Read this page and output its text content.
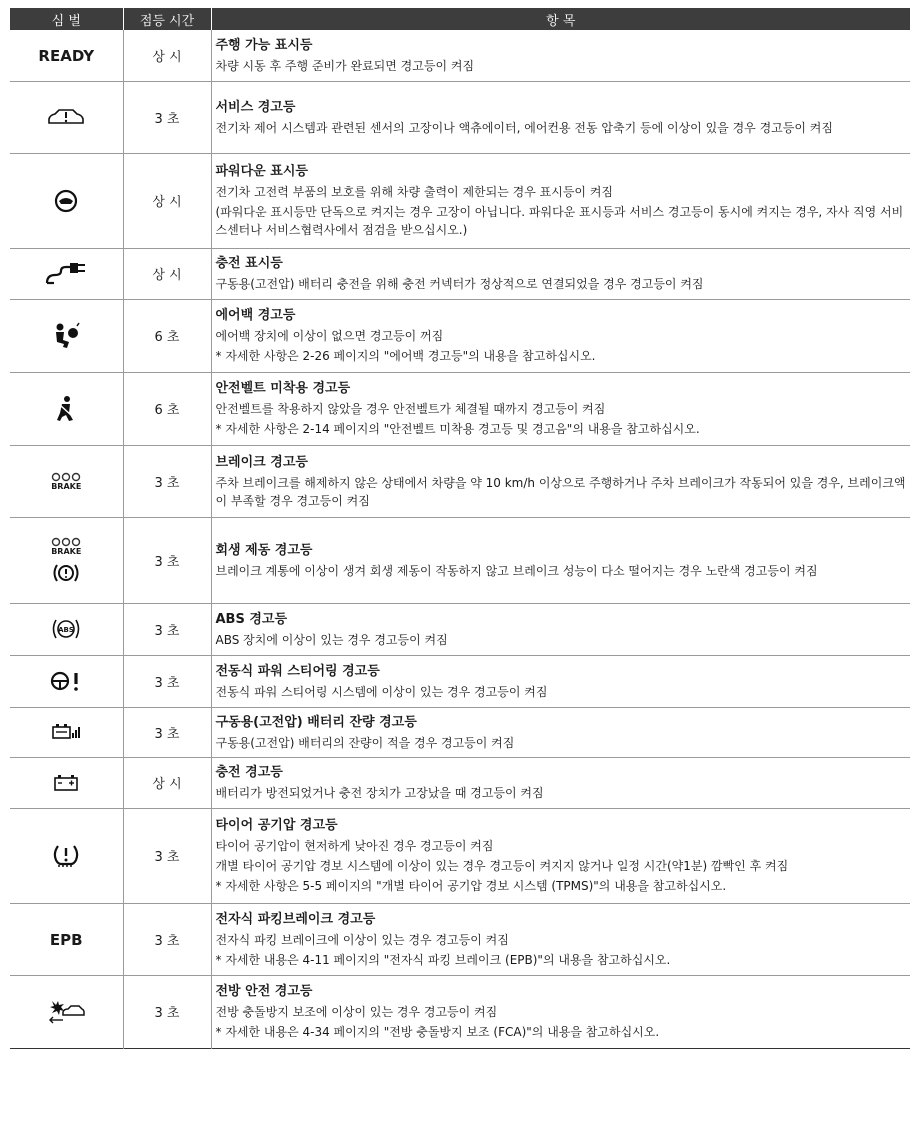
심 벌	점등 시간	항 목
READY	상 시	주행 가능 표시등
차량 시동 후 주행 준비가 완료되면 경고등이 켜짐

	3 초	서비스 경고등
전기차 제어 시스템과 관련된 센서의 고장이나 액츄에이터, 에어컨용 전동 압축기 등에 이상이 있을 경우 경고등이 켜짐

	상 시	파워다운 표시등
전기차 고전력 부품의 보호를 위해 차량 출력이 제한되는 경우 표시등이 켜짐
(파워다운 표시등만 단독으로 켜지는 경우 고장이 아닙니다. 파워다운 표시등과 서비스 경고등이 동시에 켜지는 경우, 자사 직영 서비스센터나 서비스협력사에서 점검을 받으십시오.)

	상 시	충전 표시등
구동용(고전압) 배터리 충전을 위해 충전 커넥터가 정상적으로 연결되었을 경우 경고등이 켜짐

	6 초	에어백 경고등
에어백 장치에 이상이 없으면 경고등이 꺼짐
* 자세한 사항은 2-26 페이지의 "에어백 경고등"의 내용을 참고하십시오.

	6 초	안전벨트 미착용 경고등
안전벨트를 착용하지 않았을 경우 안전벨트가 체결될 때까지 경고등이 켜짐
* 자세한 사항은 2-14 페이지의 "안전벨트 미착용 경고등 및 경고음"의 내용을 참고하십시오.

BRAKE	3 초	브레이크 경고등
주차 브레이크를 해제하지 않은 상태에서 차량을 약 10 km/h 이상으로 주행하거나 주차 브레이크가 작동되어 있을 경우, 브레이크액이 부족할 경우 경고등이 켜짐

BRAKE	3 초	회생 제동 경고등
브레이크 계통에 이상이 생겨 회생 제동이 작동하지 않고 브레이크 성능이 다소 떨어지는 경우 노란색 경고등이 켜짐

ABS	3 초	ABS 경고등
ABS 장치에 이상이 있는 경우 경고등이 켜짐

	3 초	전동식 파워 스티어링 경고등
전동식 파워 스티어링 시스템에 이상이 있는 경우 경고등이 켜짐

	3 초	구동용(고전압) 배터리 잔량 경고등
구동용(고전압) 배터리의 잔량이 적을 경우 경고등이 켜짐

	상 시	충전 경고등
배터리가 방전되었거나 충전 장치가 고장났을 때 경고등이 켜짐

	3 초	타이어 공기압 경고등
타이어 공기압이 현저하게 낮아진 경우 경고등이 켜짐
개별 타이어 공기압 경보 시스템에 이상이 있는 경우 경고등이 켜지지 않거나 일정 시간(약1분) 깜빡인 후 켜짐
* 자세한 사항은 5-5 페이지의 "개별 타이어 공기압 경보 시스템 (TPMS)"의 내용을 참고하십시오.

EPB	3 초	전자식 파킹브레이크 경고등
전자식 파킹 브레이크에 이상이 있는 경우 경고등이 켜짐
* 자세한 내용은 4-11 페이지의 "전자식 파킹 브레이크 (EPB)"의 내용을 참고하십시오.

	3 초	전방 안전 경고등
전방 충돌방지 보조에 이상이 있는 경우 경고등이 켜짐
* 자세한 내용은 4-34 페이지의 "전방 충돌방지 보조 (FCA)"의 내용을 참고하십시오.
